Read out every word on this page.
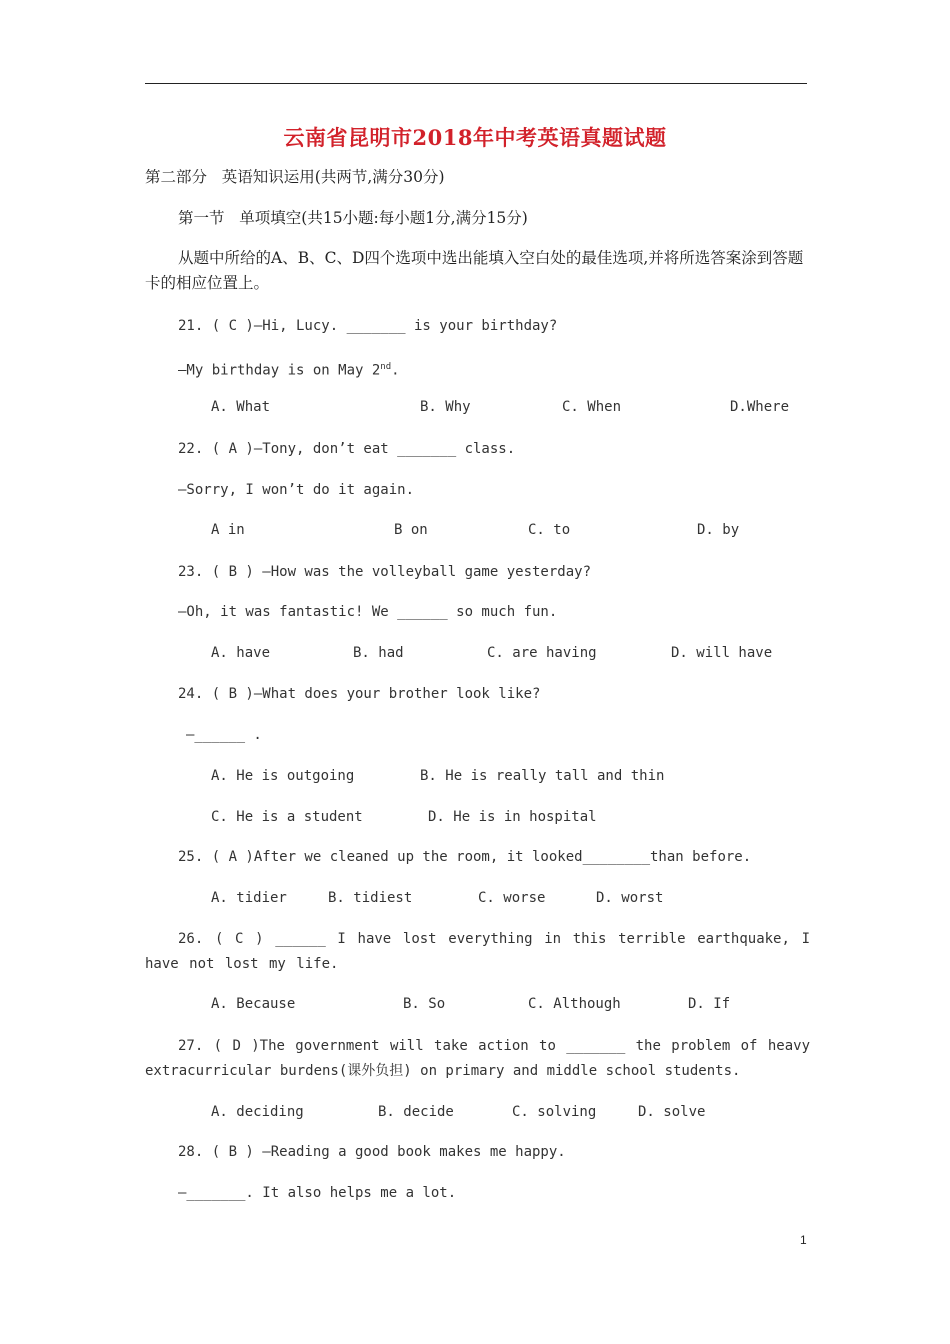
云南省昆明市2018年中考英语真题试题
第二部分   英语知识运用(共两节,满分30分)
第一节   单项填空(共15小题:每小题1分,满分15分)
从题中所给的A、B、C、D四个选项中选出能填入空白处的最佳选项,并将所选答案涂到答题卡的相应位置上。
21. ( C )—Hi, Lucy. _______ is your birthday?
—My birthday is on May 2nd.
A. What	B. Why	C. When	D.Where
22. ( A )—Tony, don’t eat _______ class.
—Sorry, I won’t do it again.
A in	B on	C. to	D. by
23. ( B ) —How was the volleyball game yesterday?
—Oh, it was fantastic! We ______ so much fun.
A. have	B. had	C. are having	D. will have
24. ( B )—What does your brother look like?
—______ .
A. He is outgoing	B. He is really tall and thin
C. He is a student	D. He is in hospital
25. ( A )After we cleaned up the room, it looked________than before.
A. tidier	B. tidiest	C. worse	D. worst
26. ( C ) ______ I have lost everything in this terrible earthquake, I have not lost my life.
A. Because	B. So	C. Although	D. If
27. ( D )The government will take action to _______ the problem of heavy extracurricular burdens(课外负担) on primary and middle school students.
A. deciding	B. decide	C. solving	D. solve
28. ( B ) —Reading a good book makes me happy.
—_______. It also helps me a lot.
1
